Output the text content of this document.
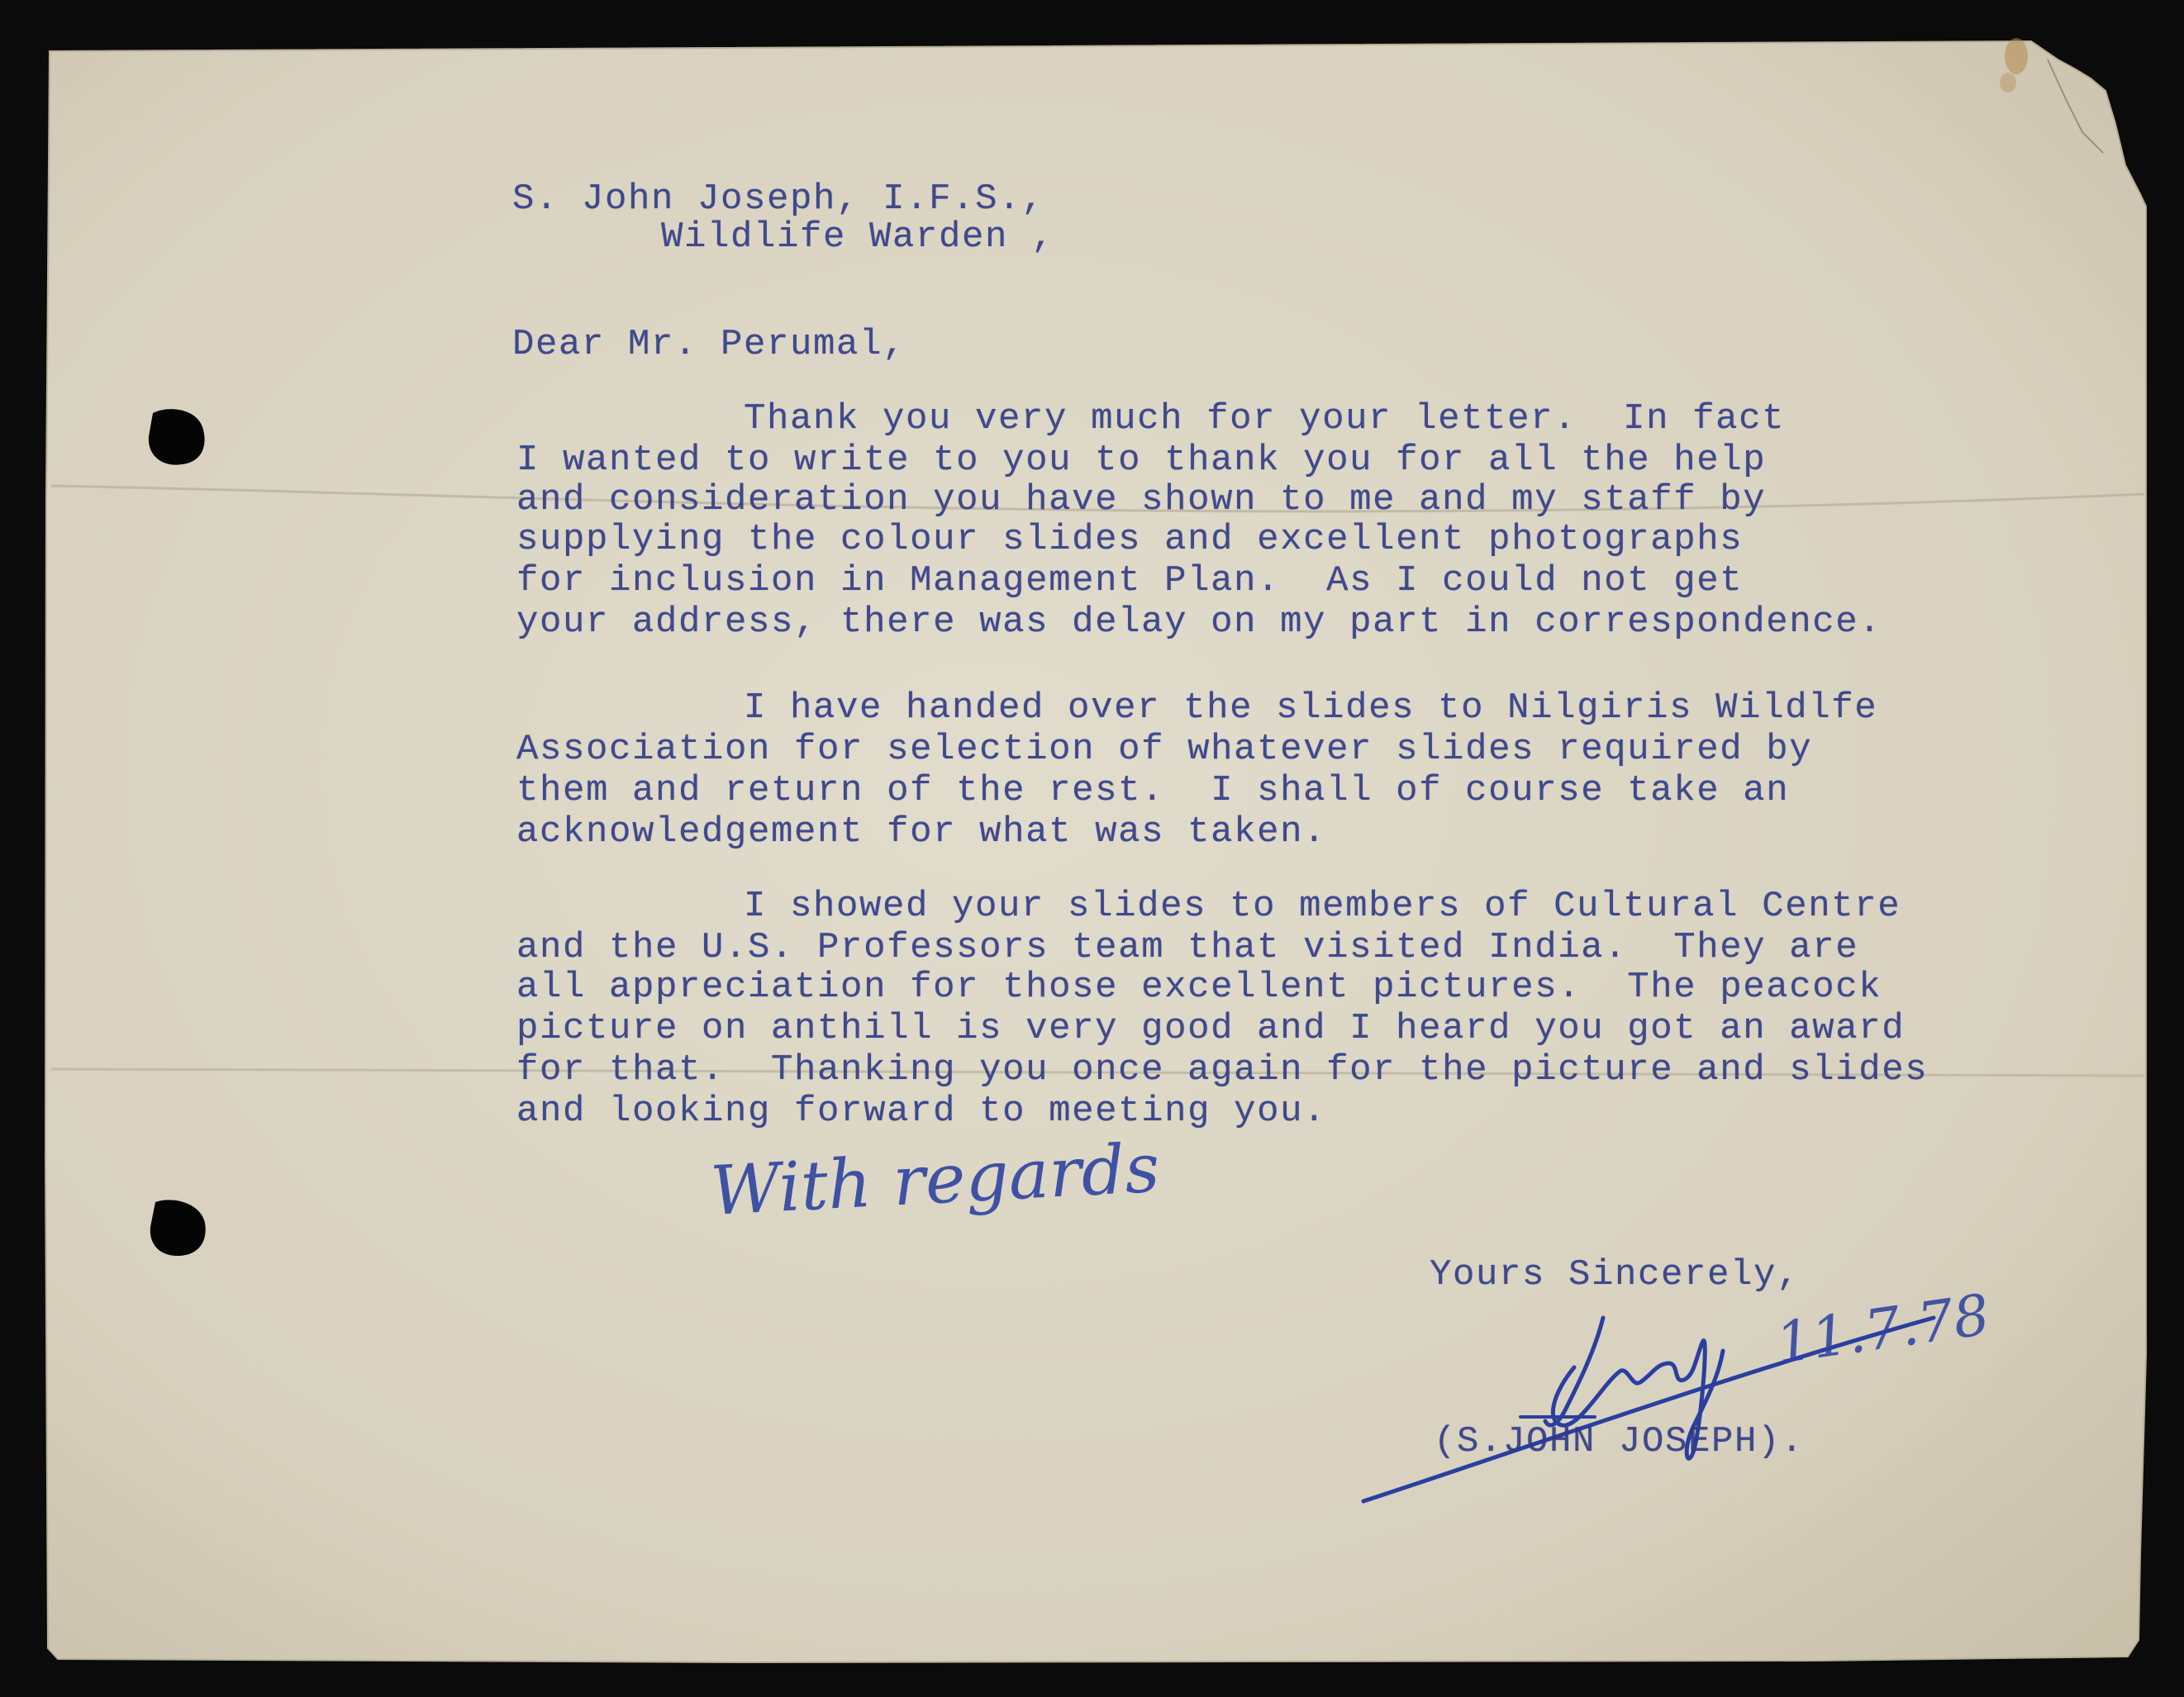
S. John Joseph, I.F.S.,
Wildlife Warden ,
Dear Mr. Perumal,
Thank you very much for your letter.  In fact
I wanted to write to you to thank you for all the help
and consideration you have shown to me and my staff by
supplying the colour slides and excellent photographs
for inclusion in Management Plan.  As I could not get
your address, there was delay on my part in correspondence.
I have handed over the slides to Nilgiris Wildlfe
Association for selection of whatever slides required by
them and return of the rest.  I shall of course take an
acknowledgement for what was taken.
I showed your slides to members of Cultural Centre
and the U.S. Professors team that visited India.  They are
all appreciation for those excellent pictures.  The peacock
picture on anthill is very good and I heard you got an award
for that.  Thanking you once again for the picture and slides
and looking forward to meeting you.
With regards
Yours Sincerely,
11.7.78
(S.JOHN JOSEPH).
